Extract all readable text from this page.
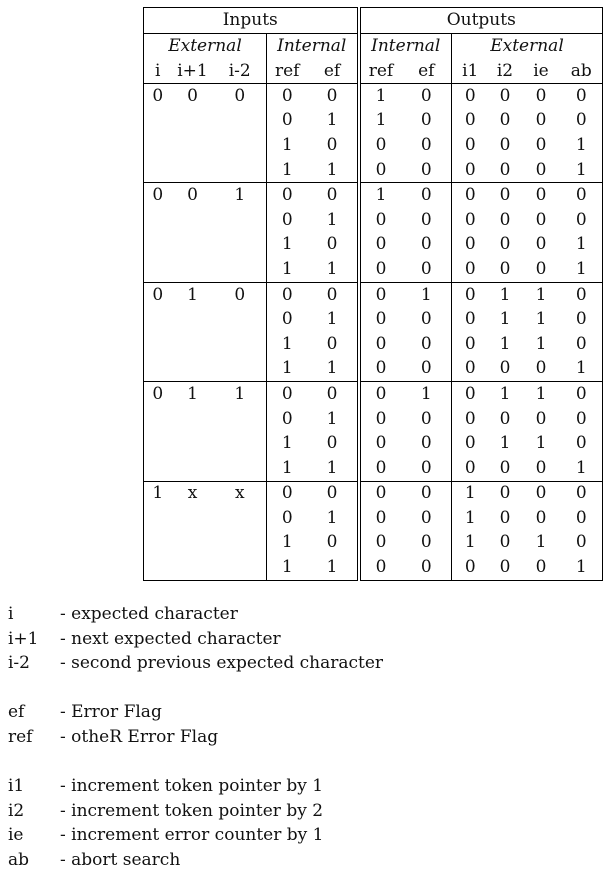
Inputs					Outputs					
External			Internal		Internal		External			
i	i+1	i-2	ref	ef	ref	ef	i1	i2	ie	ab
0	0	0	0	0	1	0	0	0	0	0
			0	1	1	0	0	0	0	0
			1	0	0	0	0	0	0	1
			1	1	0	0	0	0	0	1
0	0	1	0	0	1	0	0	0	0	0
			0	1	0	0	0	0	0	0
			1	0	0	0	0	0	0	1
			1	1	0	0	0	0	0	1
0	1	0	0	0	0	1	0	1	1	0
			0	1	0	0	0	1	1	0
			1	0	0	0	0	1	1	0
			1	1	0	0	0	0	0	1
0	1	1	0	0	0	1	0	1	1	0
			0	1	0	0	0	0	0	0
			1	0	0	0	0	1	1	0
			1	1	0	0	0	0	0	1
1	x	x	0	0	0	0	1	0	0	0
			0	1	0	0	1	0	0	0
			1	0	0	0	1	0	1	0
			1	1	0	0	0	0	0	1
i	- expected character
i+1	- next expected character
i-2	- second previous expected character
ef	- Error Flag
ref	- otheR Error Flag
i1	- increment token pointer by 1
i2	- increment token pointer by 2
ie	- increment error counter by 1
ab	- abort search
